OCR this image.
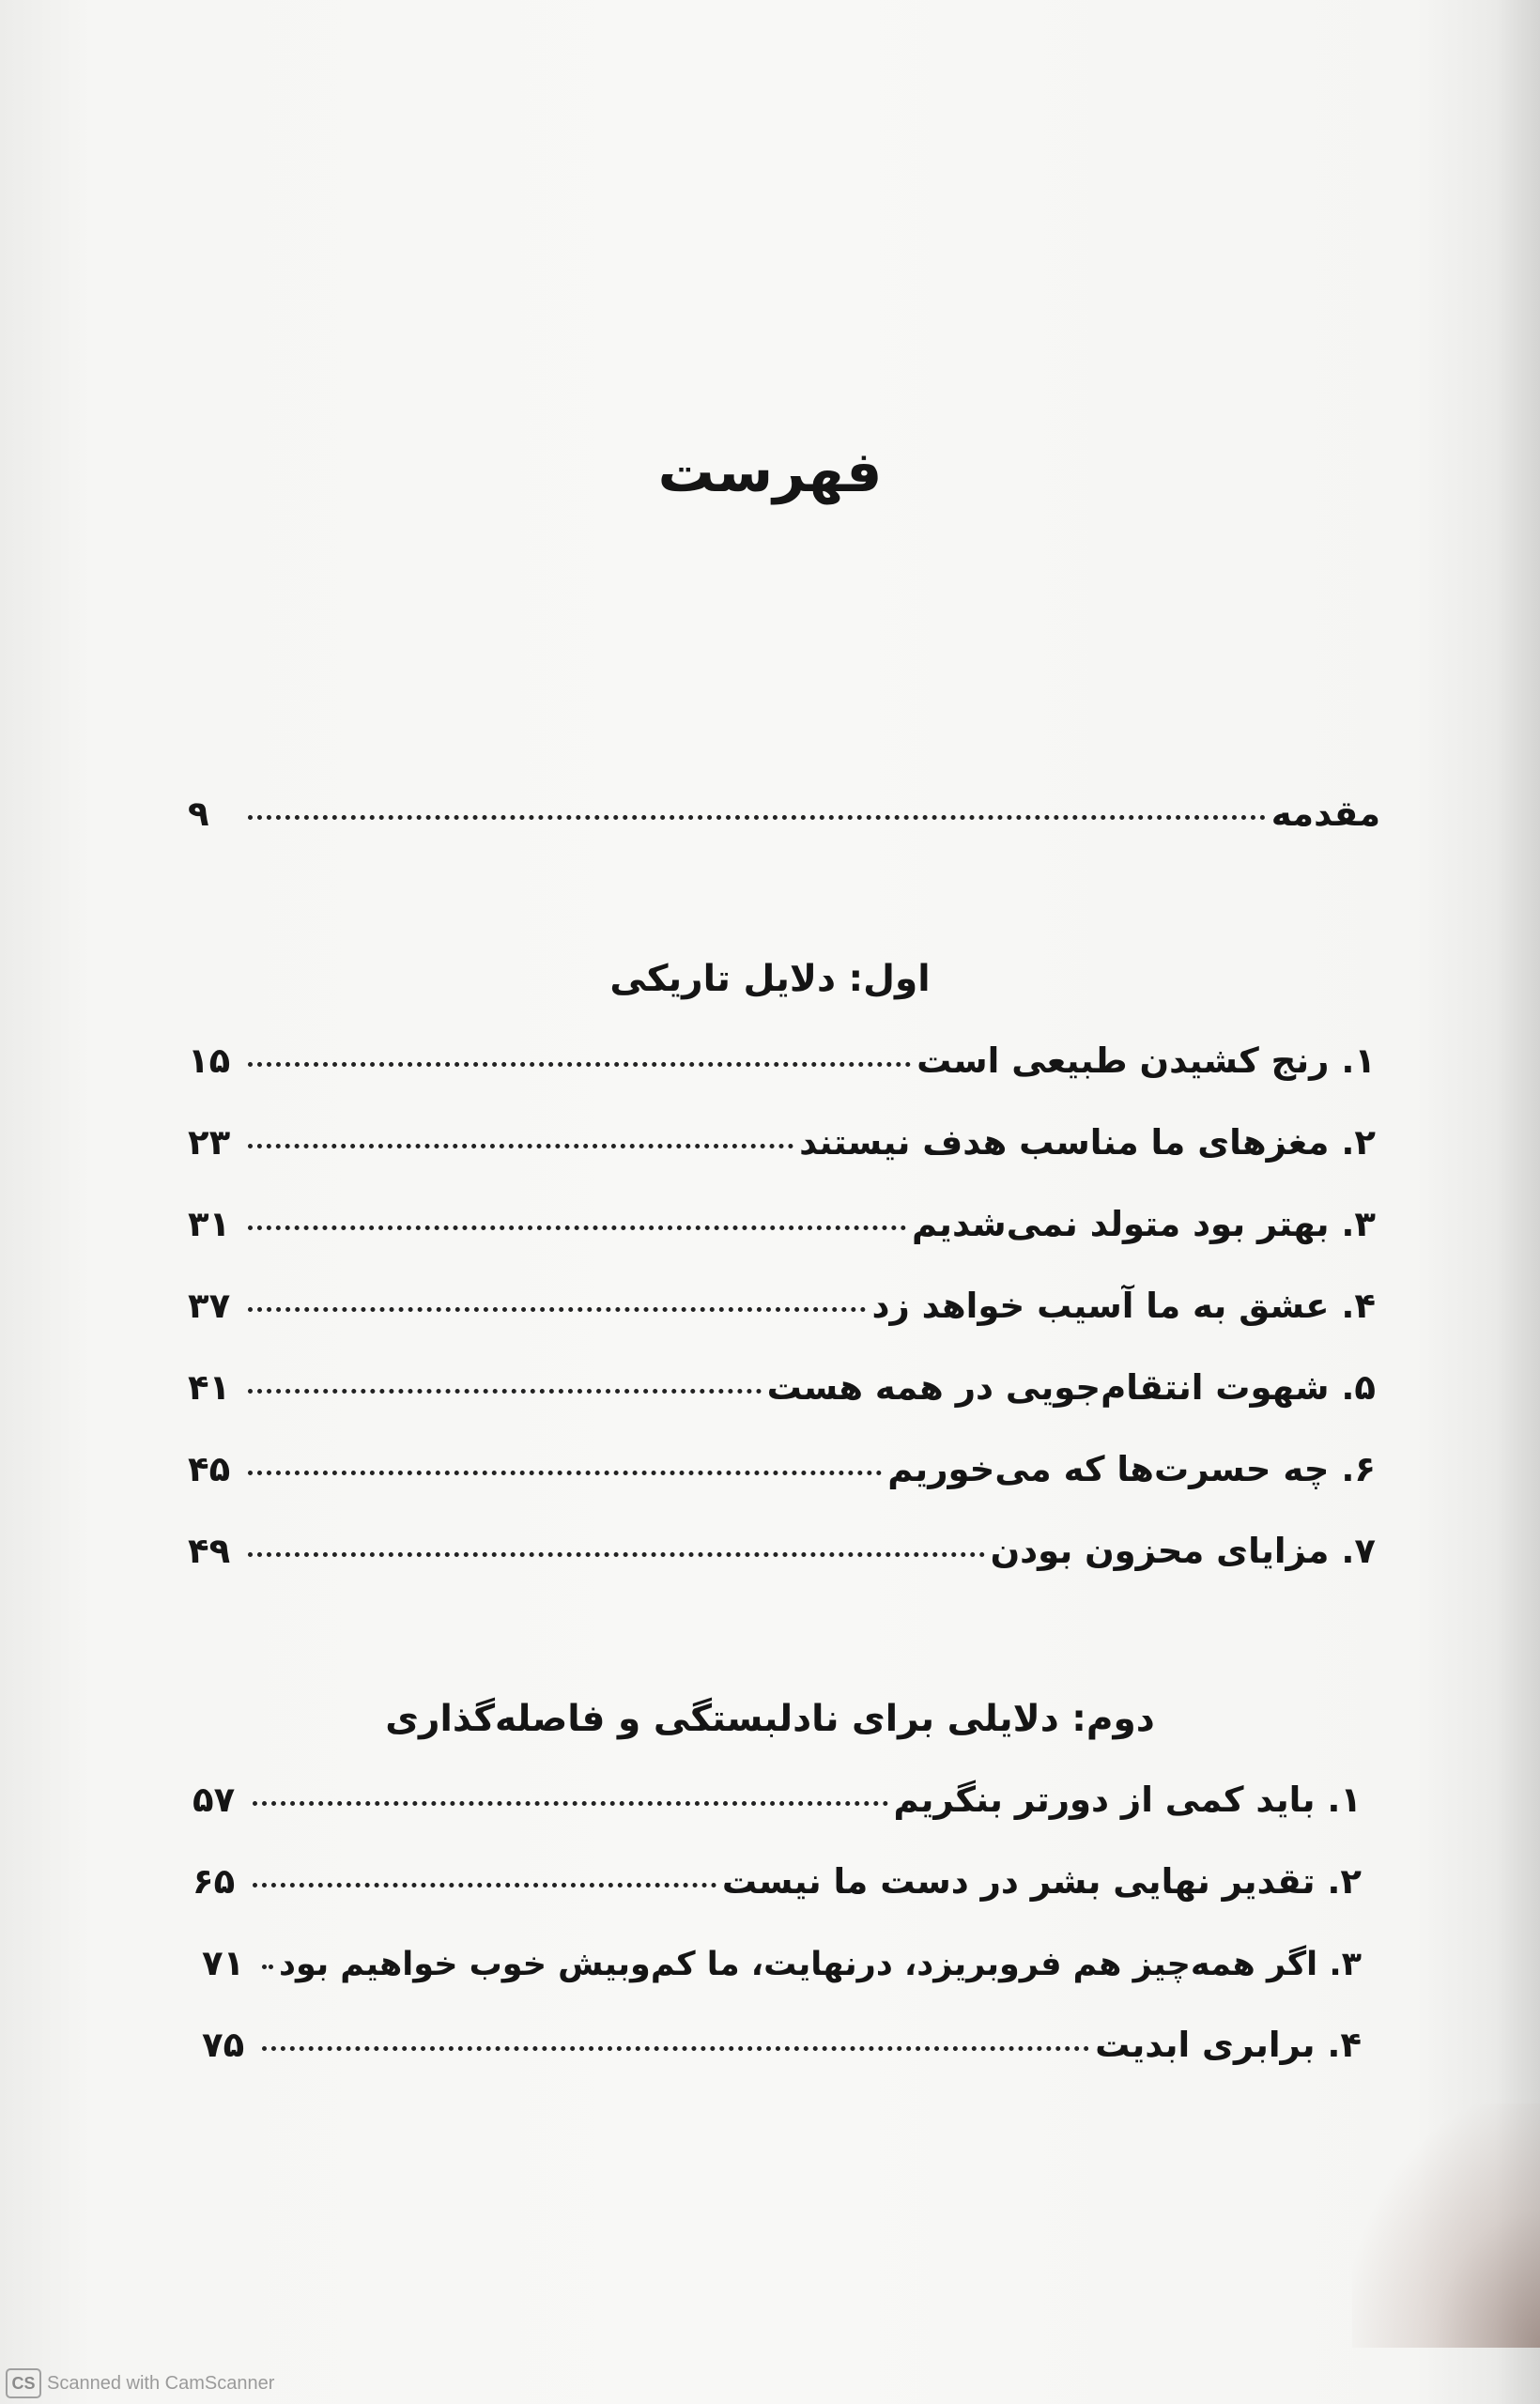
فهرست
مقدمه
۹
اول: دلایل تاریکی
۱. رنج کشیدن طبیعی است
۱۵
۲. مغزهای ما مناسب هدف نیستند
۲۳
۳. بهتر بود متولد نمی‌شدیم
۳۱
۴. عشق به ما آسیب خواهد زد
۳۷
۵. شهوت انتقام‌جویی در همه هست
۴۱
۶. چه حسرت‌ها که می‌خوریم
۴۵
۷. مزایای محزون بودن
۴۹
دوم: دلایلی برای نادلبستگی و فاصله‌گذاری
۱. باید کمی از دورتر بنگریم
۵۷
۲. تقدیر نهایی بشر در دست ما نیست
۶۵
۳. اگر همه‌چیز هم فروبریزد، درنهایت، ما کم‌وبیش خوب خواهیم بود
۷۱
۴. برابری ابدیت
۷۵
CS Scanned with CamScanner
